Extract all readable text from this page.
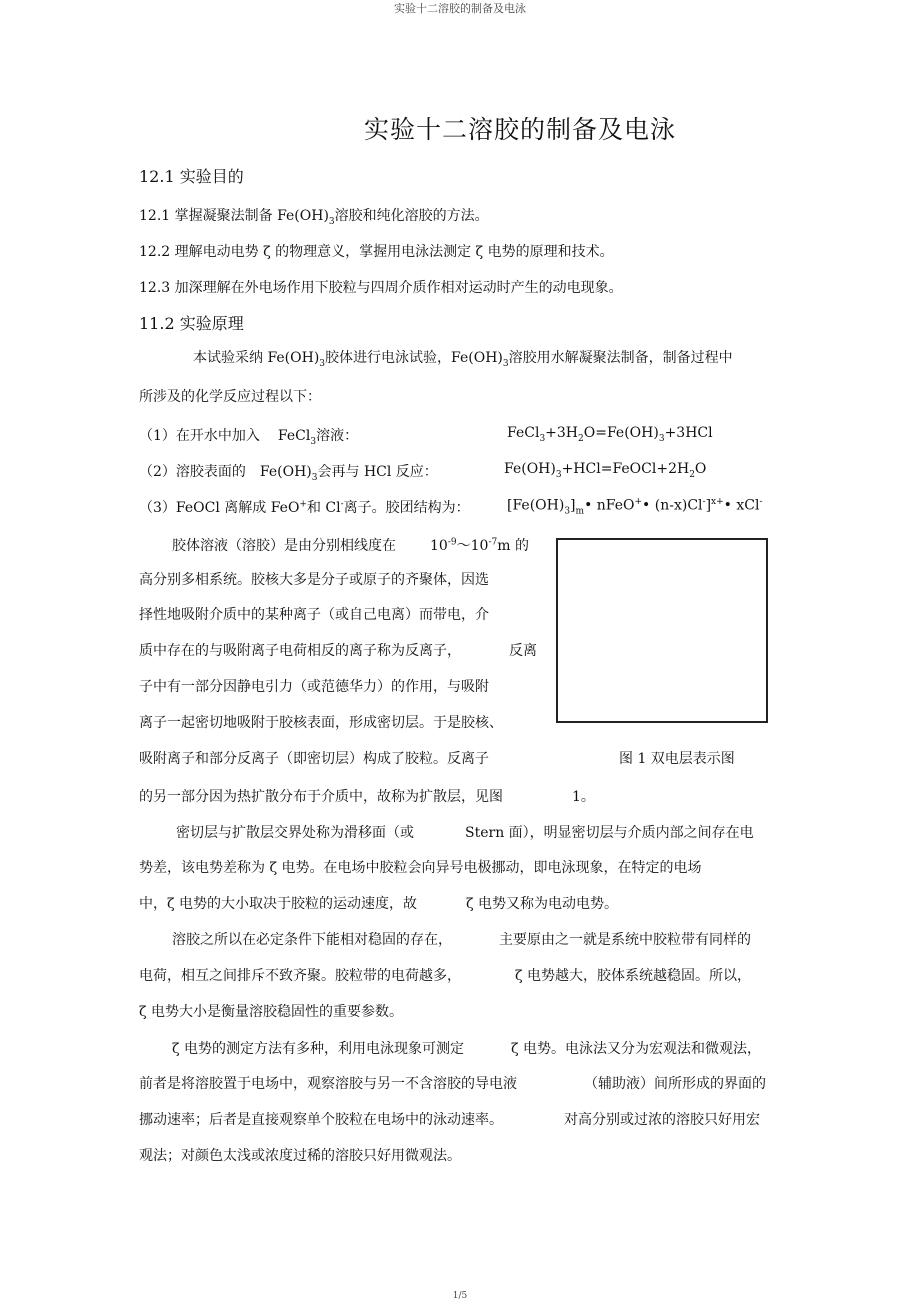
实验十二溶胶的制备及电泳
实验十二溶胶的制备及电泳
12.1 实验目的
12.1 掌握凝聚法制备 $Fe(OH)_3$溶胶和纯化溶胶的方法。
12.2 理解电动电势 ζ 的物理意义，掌握用电泳法测定 ζ 电势的原理和技术。
12.3 加深理解在外电场作用下胶粒与四周介质作相对运动时产生的动电现象。
11.2 实验原理
本试验采纳 $Fe(OH)_3$胶体进行电泳试验，$Fe(OH)_3$溶胶用水解凝聚法制备，制备过程中
所涉及的化学反应过程以下：
（1）在开水中加入 FeCl$_3$溶液：	$FeCl_3+3H_2O=Fe(OH)_3+3HCl$
（2）溶胶表面的 $Fe(OH)_3$会再与 HCl 反应：	$Fe(OH)_3+HCl=FeOCl+2H_2O$
（3）FeOCl 离解成 FeO+和 Cl-离子。胶团结构为：	$[Fe(OH)_3]_m•$ nFeO+• (n-x)Cl-]$^{x+}$• xCl-
胶体溶液（溶胶）是由分别相线度在 $10^{-9}\sim 10^{-7}m$ 的
高分别多相系统。胶核大多是分子或原子的齐聚体，因选
择性地吸附介质中的某种离子（或自己电离）而带电，介
质中存在的与吸附离子电荷相反的离子称为反离子，	反离
子中有一部分因静电引力（或范德华力）的作用，与吸附
离子一起密切地吸附于胶核表面，形成密切层。于是胶核、
吸附离子和部分反离子（即密切层）构成了胶粒。反离子
的另一部分因为热扩散分布于介质中，故称为扩散层，见图	1。
图 1 双电层表示图
密切层与扩散层交界处称为滑移面（或	Stern 面），明显密切层与介质内部之间存在电
势差，该电势差称为 ζ 电势。在电场中胶粒会向异号电极挪动，即电泳现象，在特定的电场
中，ζ 电势的大小取决于胶粒的运动速度，故	ζ 电势又称为电动电势。
溶胶之所以在必定条件下能相对稳固的存在，	主要原由之一就是系统中胶粒带有同样的
电荷，相互之间排斥不致齐聚。胶粒带的电荷越多，	ζ 电势越大，胶体系统越稳固。所以，
ζ 电势大小是衡量溶胶稳固性的重要参数。
ζ 电势的测定方法有多种，利用电泳现象可测定	ζ 电势。电泳法又分为宏观法和微观法，
前者是将溶胶置于电场中，观察溶胶与另一不含溶胶的导电液	（辅助液）间所形成的界面的
挪动速率；后者是直接观察单个胶粒在电场中的泳动速率。	对高分别或过浓的溶胶只好用宏
观法；对颜色太浅或浓度过稀的溶胶只好用微观法。
1/5
